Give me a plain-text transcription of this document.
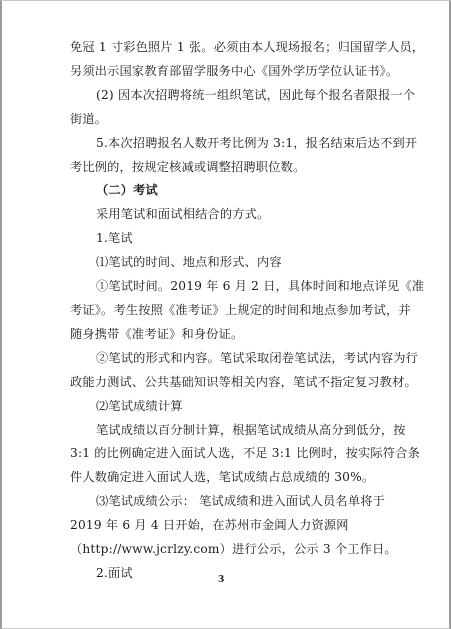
免冠 1 寸彩色照片 1 张。必须由本人现场报名；归国留学人员，
另须出示国家教育部留学服务中心《国外学历学位认证书》。
(2) 因本次招聘将统一组织笔试，因此每个报名者限报一个
街道。
5.本次招聘报名人数开考比例为 3:1，报名结束后达不到开
考比例的，按规定核减或调整招聘职位数。
（二）考试
采用笔试和面试相结合的方式。
1.笔试
⑴笔试的时间、地点和形式、内容
①笔试时间。2019 年 6 月 2 日，具体时间和地点详见《准
考证》。考生按照《准考证》上规定的时间和地点参加考试，并
随身携带《准考证》和身份证。
②笔试的形式和内容。笔试采取闭卷笔试法，考试内容为行
政能力测试、公共基础知识等相关内容，笔试不指定复习教材。
⑵笔试成绩计算
笔试成绩以百分制计算，根据笔试成绩从高分到低分，按
3:1 的比例确定进入面试人选，不足 3:1 比例时，按实际符合条
件人数确定进入面试人选，笔试成绩占总成绩的 30%。
⑶笔试成绩公示： 笔试成绩和进入面试人员名单将于
2019 年 6 月 4 日开始，在苏州市金阊人力资源网
（http://www.jcrlzy.com）进行公示，公示 3 个工作日。
2.面试
3
